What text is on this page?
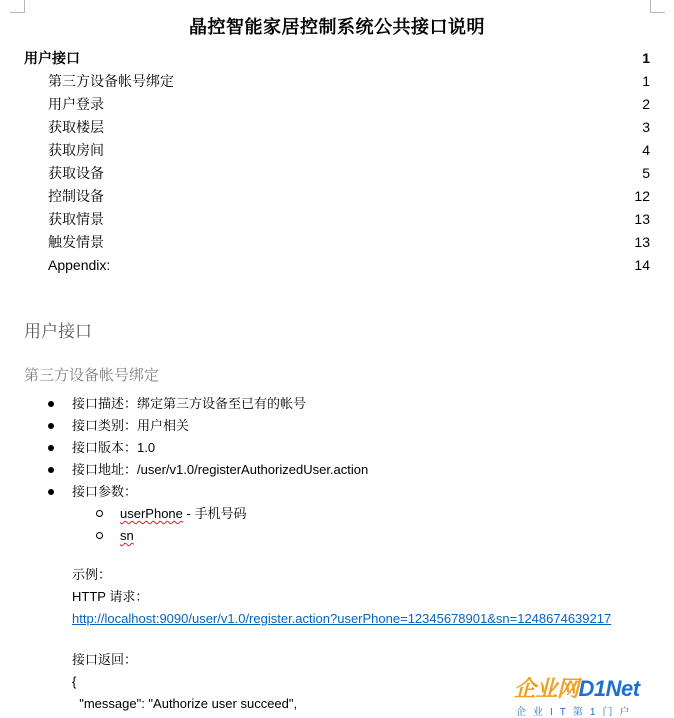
晶控智能家居控制系统公共接口说明
用户接口	1
第三方设备帐号绑定	1
用户登录	2
获取楼层	3
获取房间	4
获取设备	5
控制设备	12
获取情景	13
触发情景	13
Appendix:	14
用户接口
第三方设备帐号绑定
接口描述：绑定第三方设备至已有的帐号
接口类别：用户相关
接口版本：1.0
接口地址：/user/v1.0/registerAuthorizedUser.action
接口参数：
userPhone - 手机号码
sn
示例：
HTTP 请求：
http://localhost:9090/user/v1.0/register.action?userPhone=12345678901&sn=1248674639217
接口返回：
{
"message": "Authorize user succeed",
企业网D1Net
企业IT第1门户
